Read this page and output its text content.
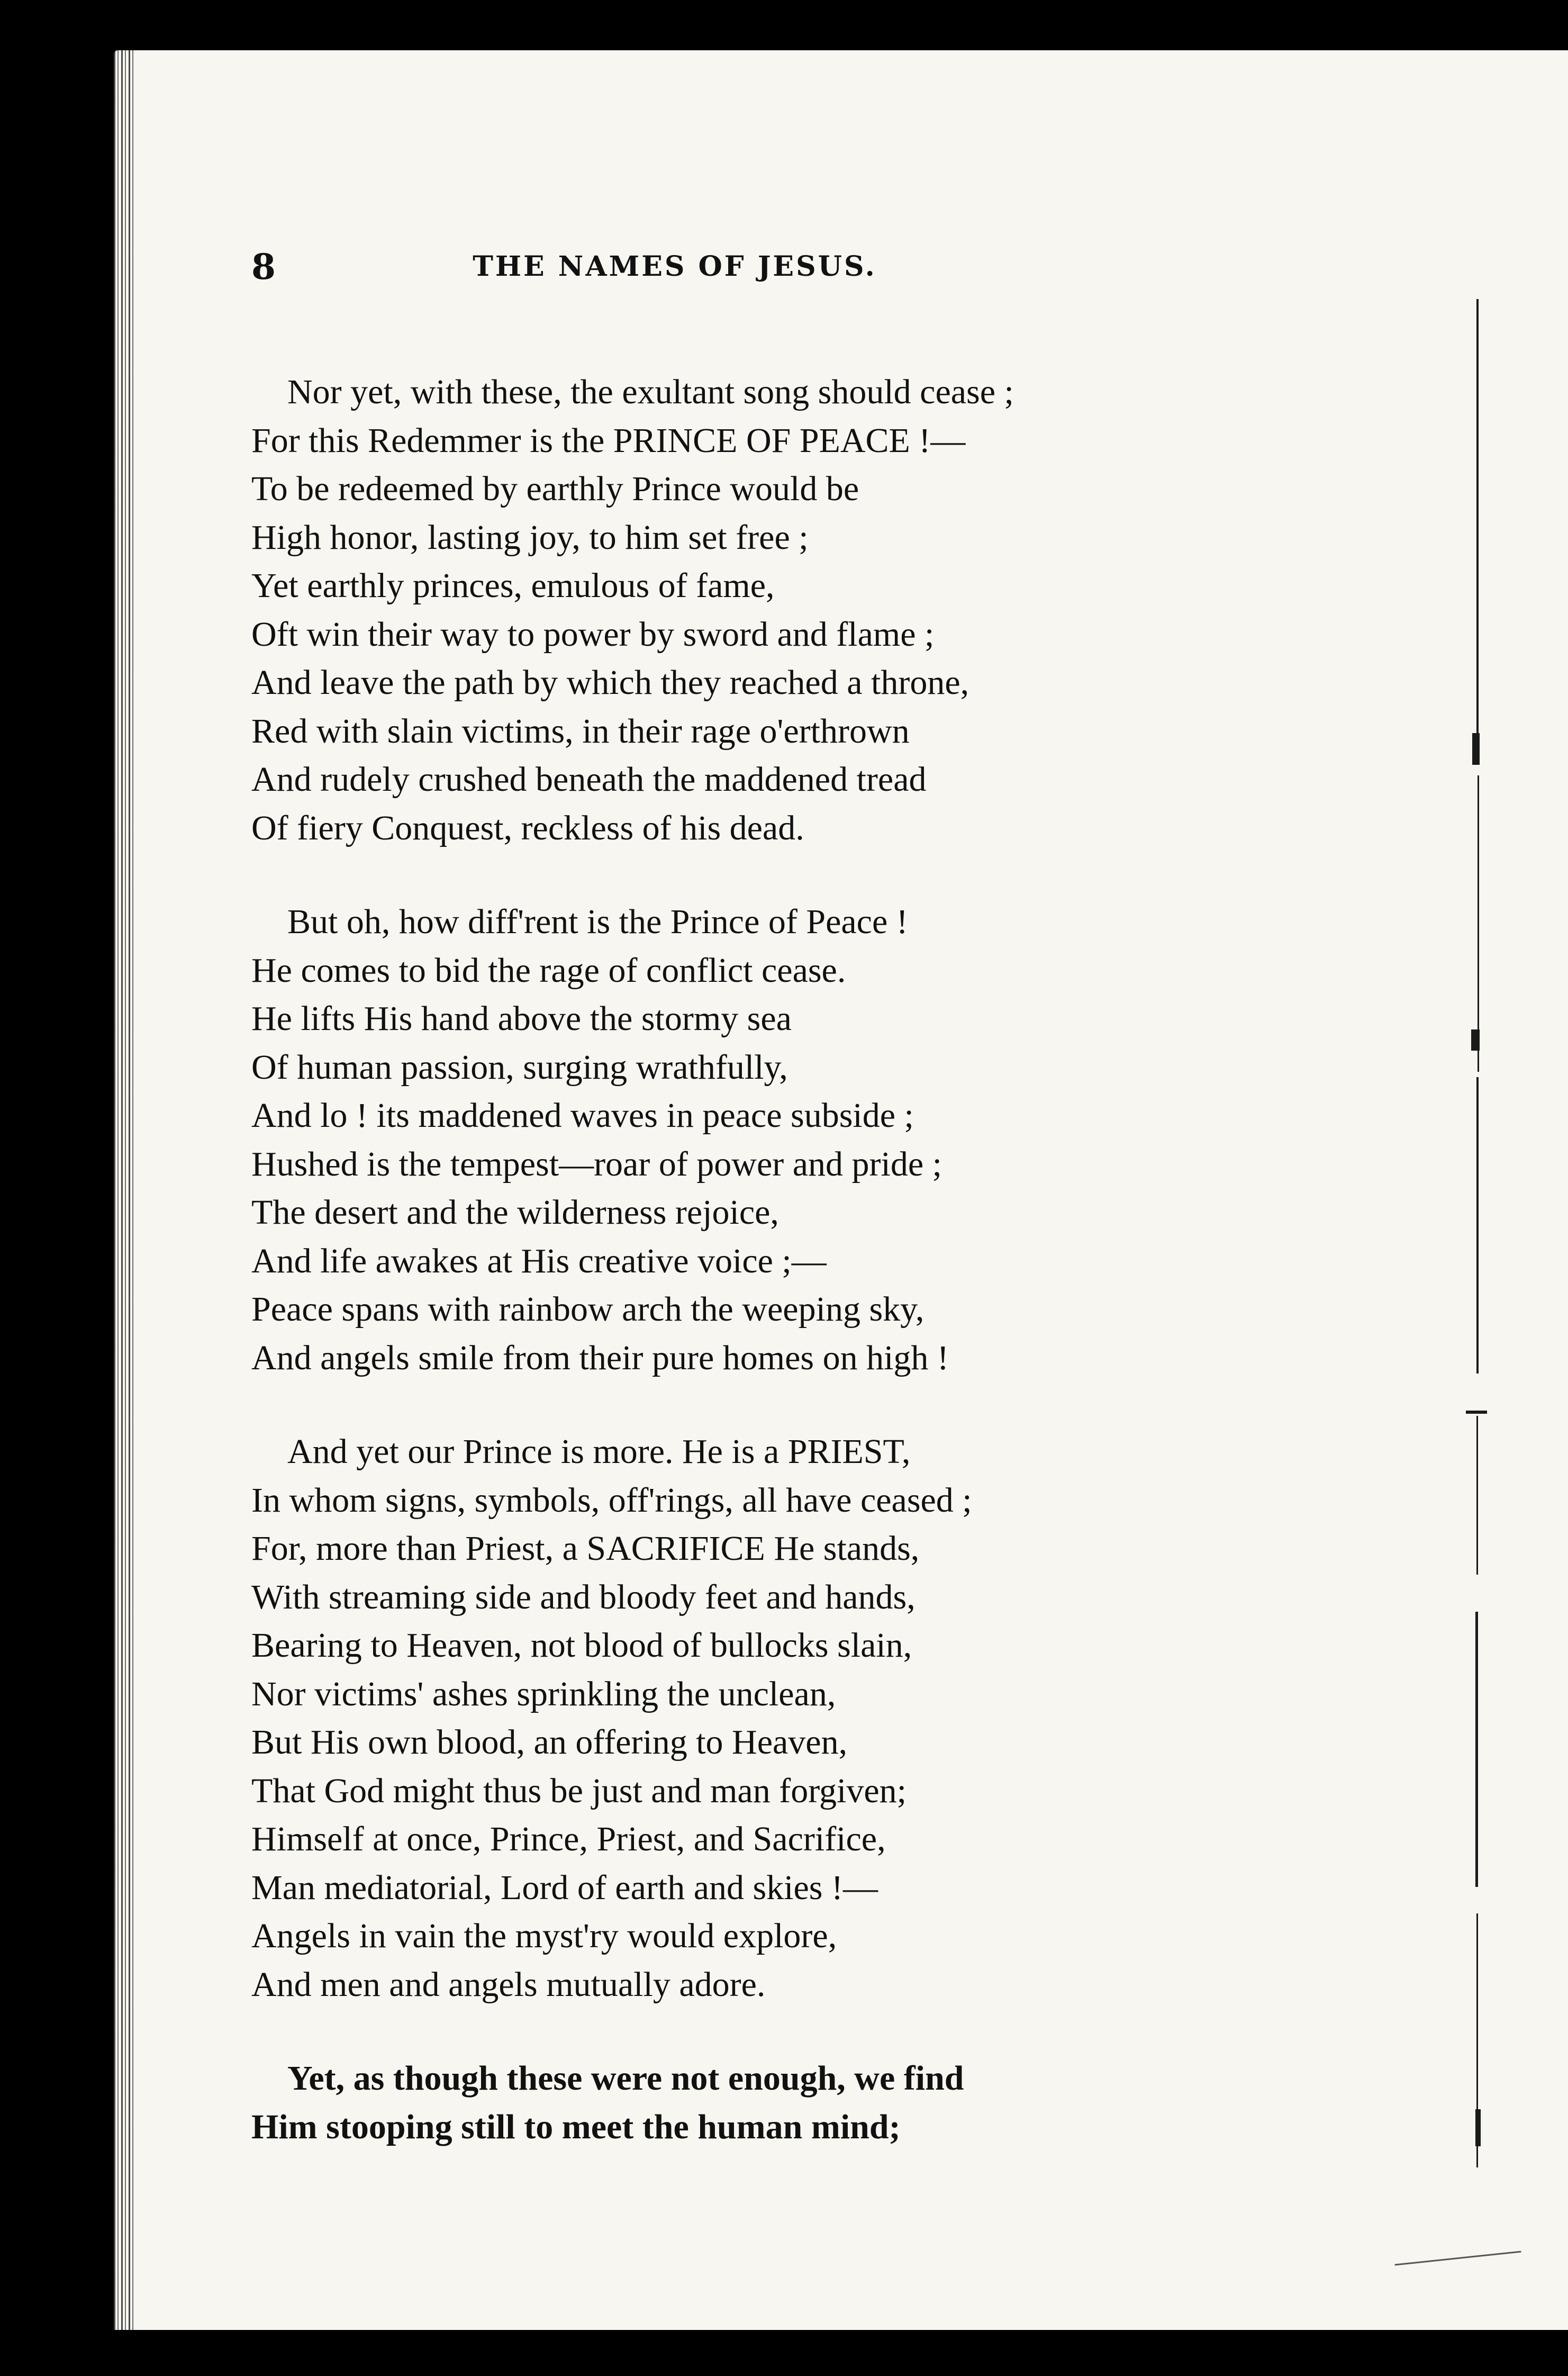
8	THE NAMES OF JESUS.
Nor yet, with these, the exultant song should cease ;
For this Redemmer is the PRINCE OF PEACE !—
To be redeemed by earthly Prince would be
High honor, lasting joy, to him set free ;
Yet earthly princes, emulous of fame,
Oft win their way to power by sword and flame ;
And leave the path by which they reached a throne,
Red with slain victims, in their rage o'erthrown
And rudely crushed beneath the maddened tread
Of fiery Conquest, reckless of his dead.
But oh, how diff'rent is the Prince of Peace !
He comes to bid the rage of conflict cease.
He lifts His hand above the stormy sea
Of human passion, surging wrathfully,
And lo ! its maddened waves in peace subside ;
Hushed is the tempest—roar of power and pride ;
The desert and the wilderness rejoice,
And life awakes at His creative voice ;—
Peace spans with rainbow arch the weeping sky,
And angels smile from their pure homes on high !
And yet our Prince is more. He is a PRIEST,
In whom signs, symbols, off'rings, all have ceased ;
For, more than Priest, a SACRIFICE He stands,
With streaming side and bloody feet and hands,
Bearing to Heaven, not blood of bullocks slain,
Nor victims' ashes sprinkling the unclean,
But His own blood, an offering to Heaven,
That God might thus be just and man forgiven;
Himself at once, Prince, Priest, and Sacrifice,
Man mediatorial, Lord of earth and skies !—
Angels in vain the myst'ry would explore,
And men and angels mutually adore.
Yet, as though these were not enough, we find
Him stooping still to meet the human mind;
